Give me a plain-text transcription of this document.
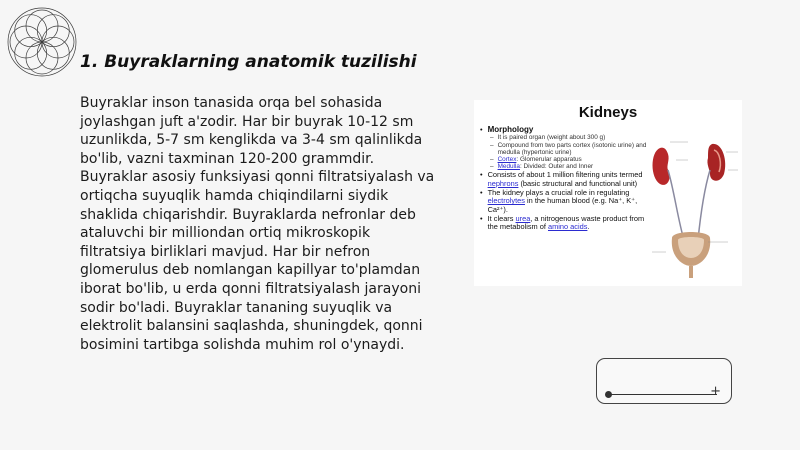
1. Buyraklarning anatomik tuzilishi

Buyraklar inson tanasida orqa bel sohasida joylashgan juft a'zodir. Har bir buyrak 10-12 sm uzunlikda, 5-7 sm kenglikda va 3-4 sm qalinlikda bo'lib, vazni taxminan 120-200 grammdir. Buyraklar asosiy funksiyasi qonni filtratsiyalash va ortiqcha suyuqlik hamda chiqindilarni siydik shaklida chiqarishdir. Buyraklarda nefronlar deb ataluvchi bir milliondan ortiq mikroskopik filtratsiya birliklari mavjud. Har bir nefron glomerulus deb nomlangan kapillyar to'plamdan iborat bo'lib, u erda qonni filtratsiyalash jarayoni sodir bo'ladi. Buyraklar tananing suyuqlik va elektrolit balansini saqlashda, shuningdek, qonni bosimini tartibga solishda muhim rol o'ynaydi.

Kidneys
• Morphology
– It is paired organ (weight about 300 g)
– Compound from two parts cortex (isotonic urine) and medulla (hypertonic urine)
– Cortex: Glomerular apparatus
– Medulla: Divided: Outer and Inner
• Consists of about 1 million filtering units termed nephrons (basic structural and functional unit)
• The kidney plays a crucial role in regulating electrolytes in the human blood (e.g. Na⁺, K⁺, Ca²⁺).
• It clears urea, a nitrogenous waste product from the metabolism of amino acids.
+
